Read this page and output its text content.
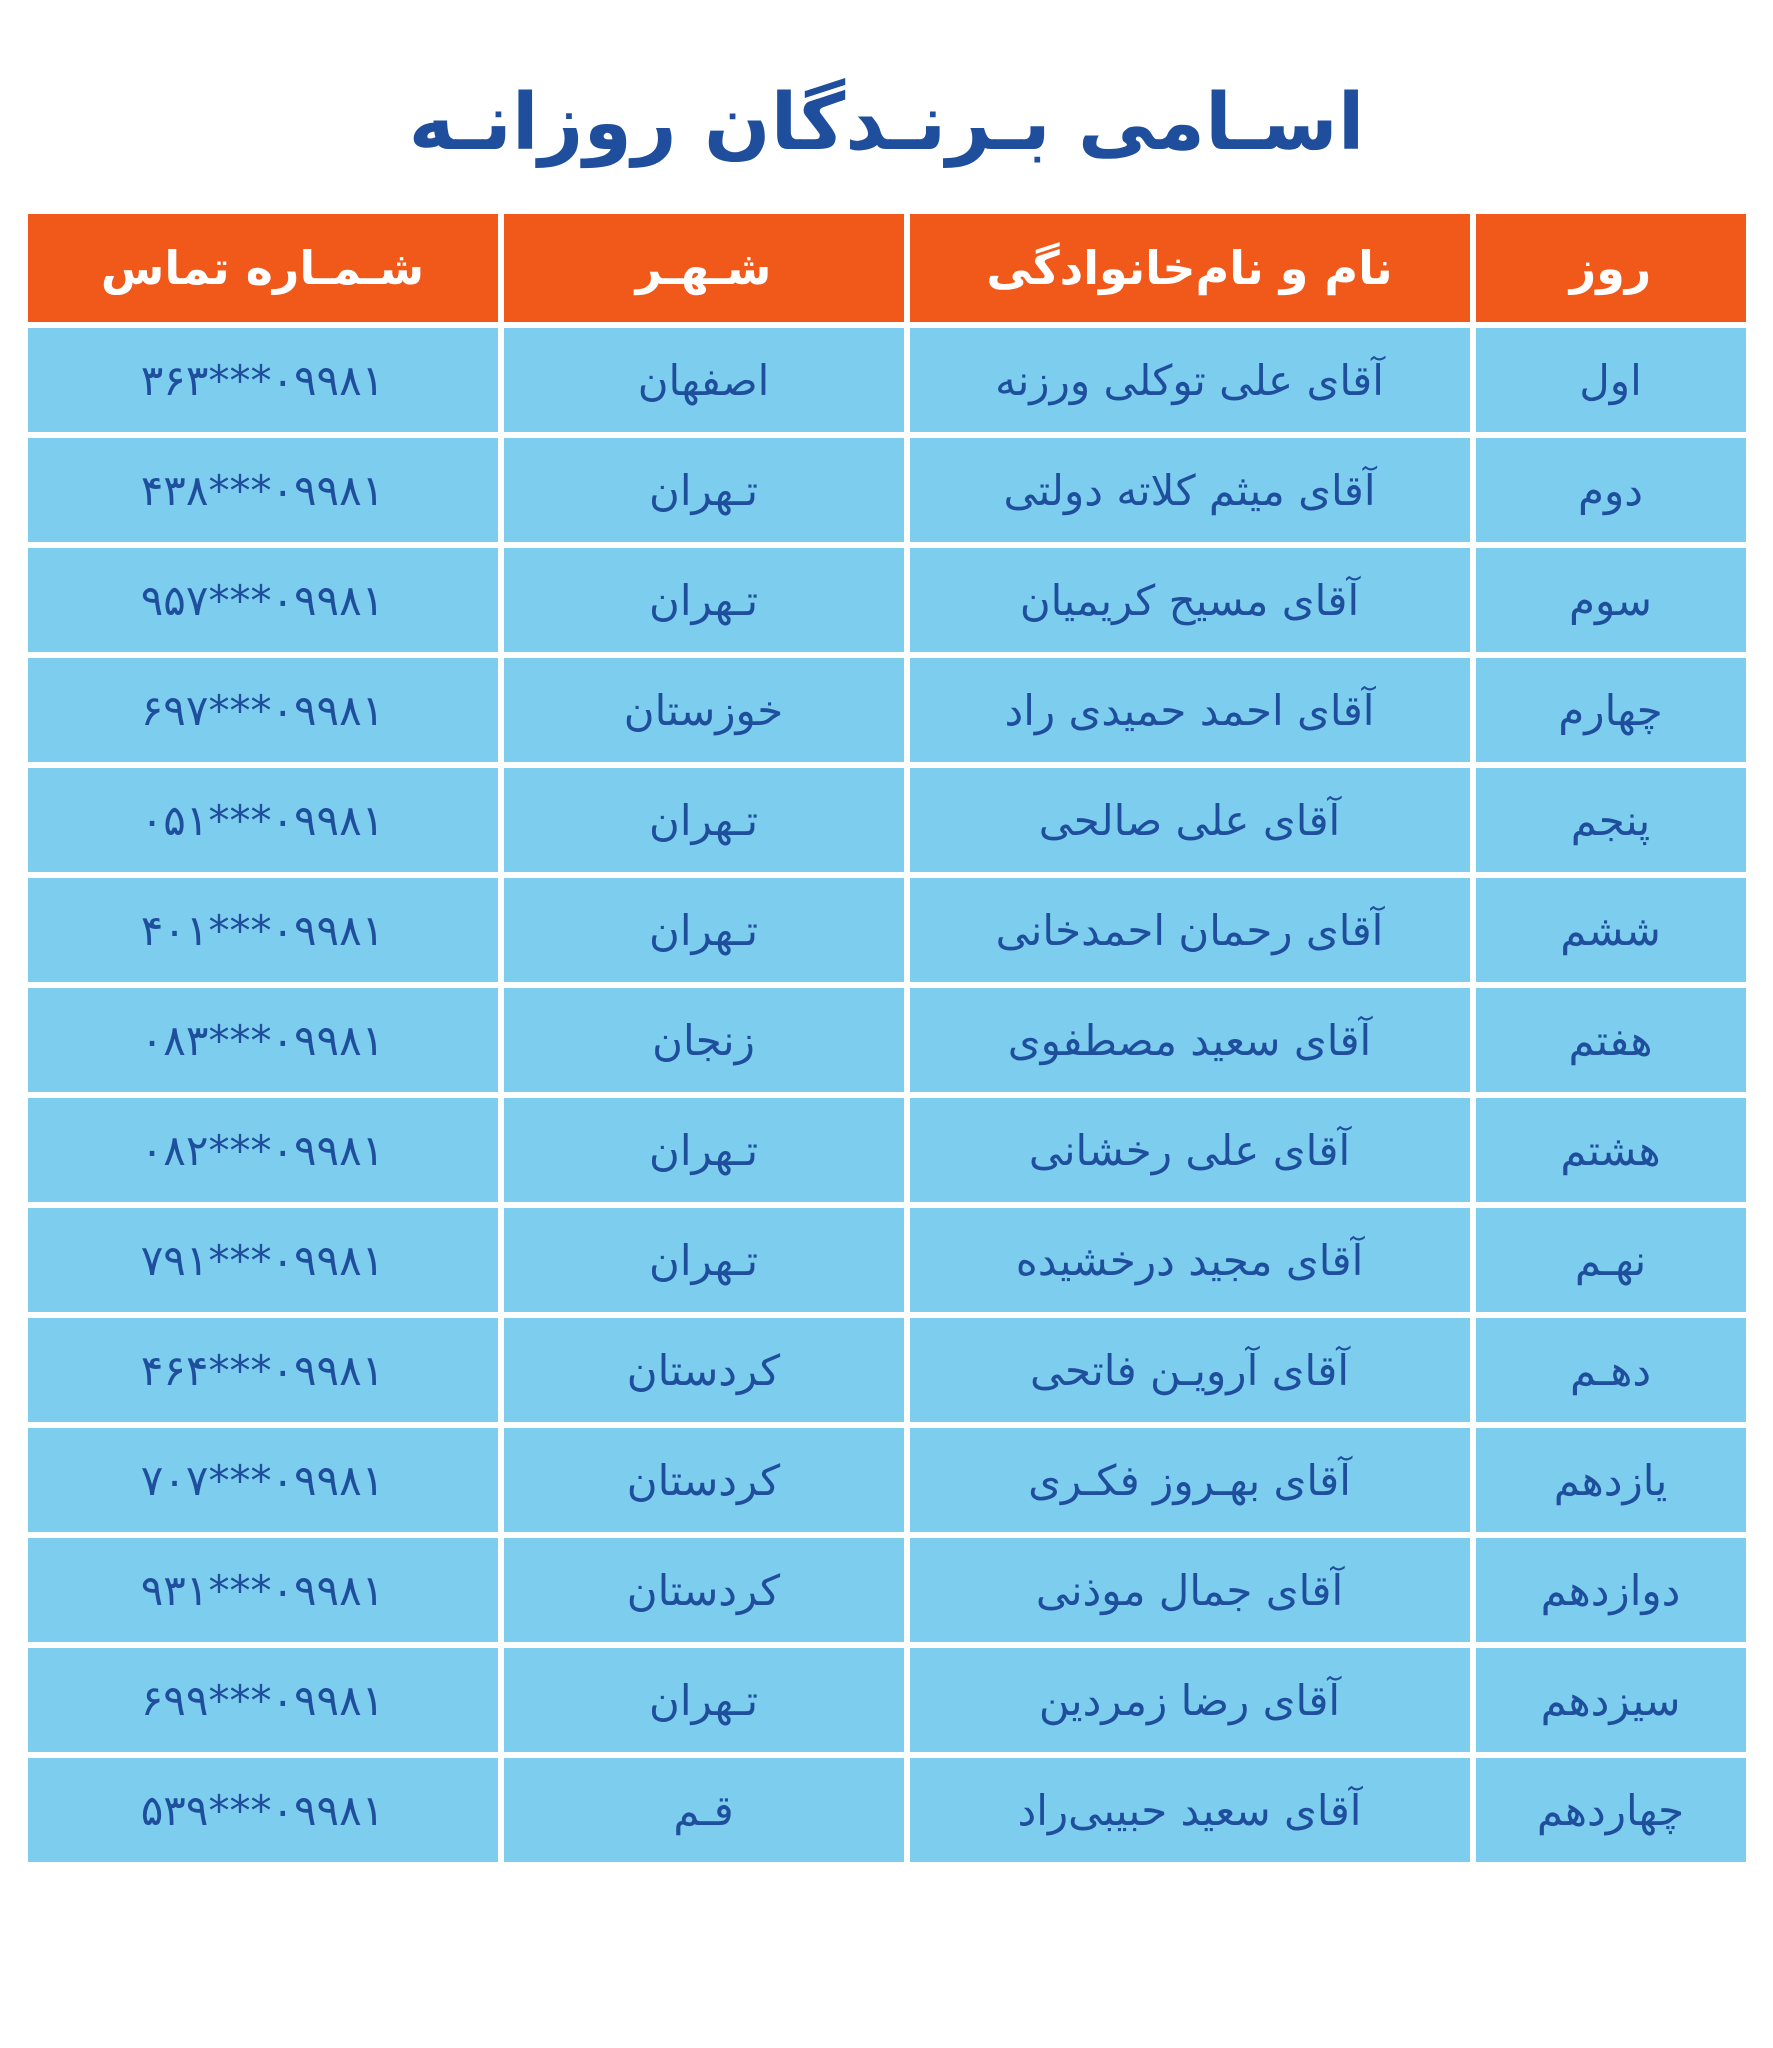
اسـامی بـرنـدگان روزانـه
روز	نام و نام‌خانوادگی	شـهـر	شـمـاره تماس
اول	آقای علی توکلی ورزنه	اصفهان	۰۹۹۸۱***۳۶۳
دوم	آقای میثم کلاته دولتی	تـهران	۰۹۹۸۱***۴۳۸
سوم	آقای مسیح کریمیان	تـهران	۰۹۹۸۱***۹۵۷
چهارم	آقای احمد حمیدی راد	خوزستان	۰۹۹۸۱***۶۹۷
پنجم	آقای علی صالحی	تـهران	۰۹۹۸۱***۰۵۱
ششم	آقای رحمان احمدخانی	تـهران	۰۹۹۸۱***۴۰۱
هفتم	آقای سعید مصطفوی	زنجان	۰۹۹۸۱***۰۸۳
هشتم	آقای علی رخشانی	تـهران	۰۹۹۸۱***۰۸۲
نهـم	آقای مجید درخشیده	تـهران	۰۹۹۸۱***۷۹۱
دهـم	آقای آرویـن فاتحی	کردستان	۰۹۹۸۱***۴۶۴
یازدهم	آقای بهـروز فکـری	کردستان	۰۹۹۸۱***۷۰۷
دوازدهم	آقای جمال موذنی	کردستان	۰۹۹۸۱***۹۳۱
سیزدهم	آقای رضا زمردین	تـهران	۰۹۹۸۱***۶۹۹
چهاردهم	آقای سعید حبیبی‌راد	قـم	۰۹۹۸۱***۵۳۹
